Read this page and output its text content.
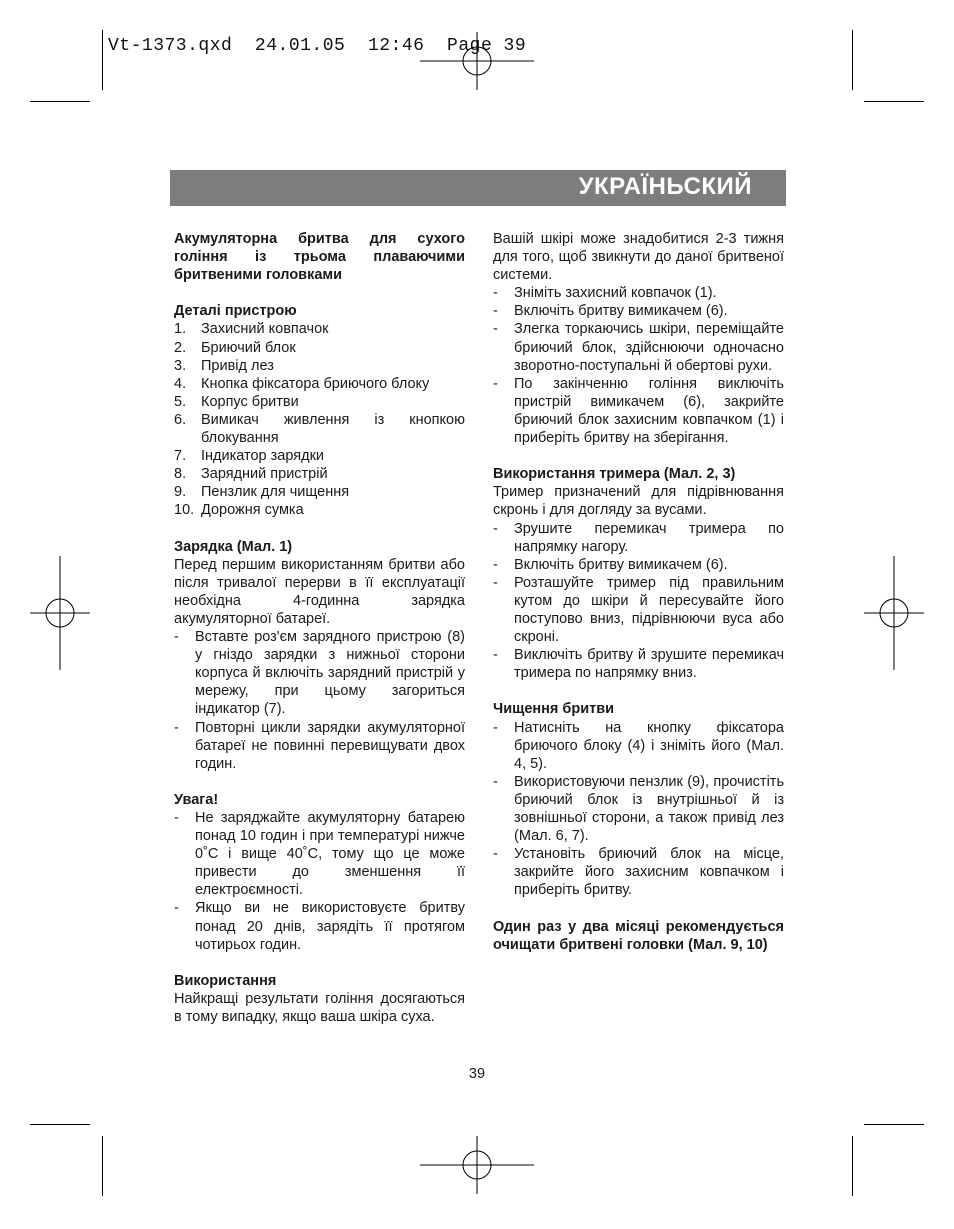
Vt-1373.qxd  24.01.05  12:46  Page 39
УКРАЇНЬСКИЙ

Акумуляторна бритва для сухого гоління із трьома плаваючими бритвеними головками

Деталі пристрою
1.	Захисний ковпачок
2.	Бриючий блок
3.	Привід лез
4.	Кнопка фіксатора бриючого блоку
5.	Корпус бритви
6.	Вимикач живлення із кнопкою блокування
7.	Індикатор зарядки
8.	Зарядний пристрій
9.	Пензлик для чищення
10. Дорожня сумка
Зарядка (Мал. 1)

Перед першим використанням бритви або після тривалої перерви в її експлуатації необхідна 4-годинна зарядка акумуляторної батареї.

-	Вставте роз'єм зарядного пристрою (8) у гніздо зарядки з нижньої сторони корпуса й включіть зарядний пристрій у мережу, при цьому загориться індикатор (7).
-	Повторні цикли зарядки акумуляторної батареї не повинні перевищувати двох годин.
Увага!
-	Не заряджайте акумуляторну батарею понад 10 годин і при температурі нижче 0˚С і вище 40˚С, тому що це може привести до зменшення її електроємності.
-	Якщо ви не використовуєте бритву понад 20 днів, зарядіть її протягом чотирьох годин.
Використання

Найкращі результати гоління досягаються в тому випадку, якщо ваша шкіра суха.

Вашій шкірі може знадобитися 2-3 тижня для того, щоб звикнути до даної бритвеної системи.

-	Зніміть захисний ковпачок (1).
-	Включіть бритву вимикачем (6).
-	Злегка торкаючись шкіри, переміщайте бриючий блок, здійснюючи одночасно зворотно-поступальні й обертові рухи.
-	По закінченню гоління виключіть пристрій вимикачем (6), закрийте бриючий блок захисним ковпачком (1) і приберіть бритву на зберігання.
Використання тримера (Мал. 2, 3)

Тример призначений для підрівнювання скронь і для догляду за вусами.

-	Зрушите перемикач тримера по напрямку нагору.
-	Включіть бритву вимикачем (6).
-	Розташуйте тример під правильним кутом до шкіри й пересувайте його поступово вниз, підрівнюючи вуса або скроні.
-	Виключіть бритву й зрушите перемикач тримера по напрямку вниз.
Чищення бритви
-	Натисніть на кнопку фіксатора бриючого блоку (4) і зніміть його (Мал. 4, 5).
-	Використовуючи пензлик (9), прочистіть бриючий блок із внутрішньої й із зовнішньої сторони, а також привід лез (Мал. 6, 7).
-	Установіть бриючий блок на місце, закрийте його захисним ковпачком і приберіть бритву.

Один раз у два місяці рекомендується очищати бритвені головки (Мал. 9, 10)

39
